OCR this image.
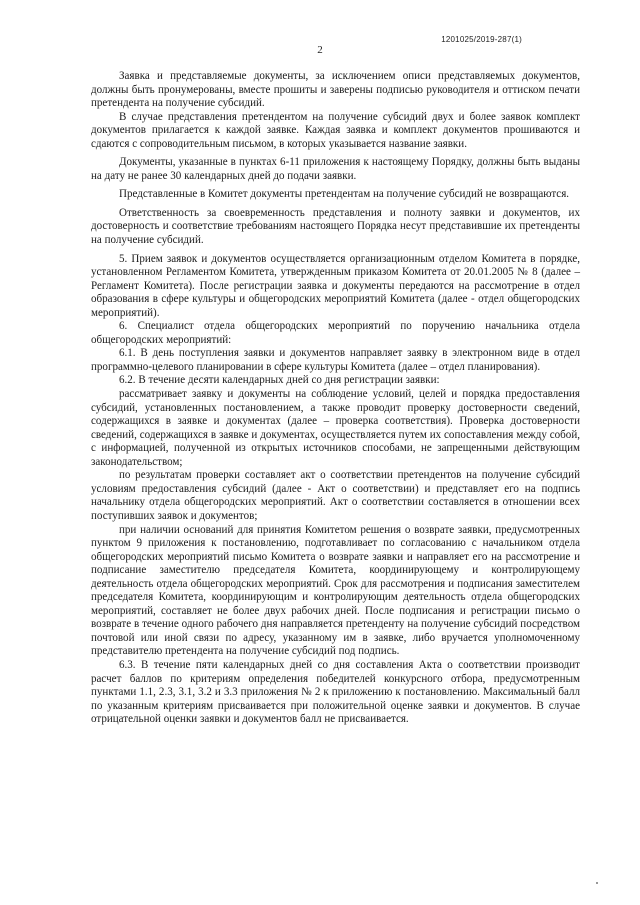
1201025/2019-287(1)
2

Заявка и представляемые документы, за исключением описи представляемых документов, должны быть пронумерованы, вместе прошиты и заверены подписью руководителя и оттиском печати претендента на получение субсидий.

В случае представления претендентом на получение субсидий двух и более заявок комплект документов прилагается к каждой заявке. Каждая заявка и комплект документов прошиваются и сдаются с сопроводительным письмом, в которых указывается название заявки.

Документы, указанные в пунктах 6-11 приложения к настоящему Порядку, должны быть выданы на дату не ранее 30 календарных дней до подачи заявки.

Представленные в Комитет документы претендентам на получение субсидий не возвращаются.

Ответственность за своевременность представления и полноту заявки и документов, их достоверность и соответствие требованиям настоящего Порядка несут представившие их претенденты на получение субсидий.

5. Прием заявок и документов осуществляется организационным отделом Комитета в порядке, установленном Регламентом Комитета, утвержденным приказом Комитета от 20.01.2005 № 8 (далее – Регламент Комитета). После регистрации заявка и документы передаются на рассмотрение в отдел образования в сфере культуры и общегородских мероприятий Комитета (далее - отдел общегородских мероприятий).

6. Специалист отдела общегородских мероприятий по поручению начальника отдела общегородских мероприятий:

6.1. В день поступления заявки и документов направляет заявку в электронном виде в отдел программно-целевого планировании в сфере культуры Комитета (далее – отдел планирования).

6.2. В течение десяти календарных дней со дня регистрации заявки:

рассматривает заявку и документы на соблюдение условий, целей и порядка предоставления субсидий, установленных постановлением, а также проводит проверку достоверности сведений, содержащихся в заявке и документах (далее – проверка соответствия). Проверка достоверности сведений, содержащихся в заявке и документах, осуществляется путем их сопоставления между собой, с информацией, полученной из открытых источников способами, не запрещенными действующим законодательством;

по результатам проверки составляет акт о соответствии претендентов на получение субсидий условиям предоставления субсидий (далее - Акт о соответствии) и представляет его на подпись начальнику отдела общегородских мероприятий. Акт о соответствии составляется в отношении всех поступивших заявок и документов;

при наличии оснований для принятия Комитетом решения о возврате заявки, предусмотренных пунктом 9 приложения к постановлению, подготавливает по согласованию с начальником отдела общегородских мероприятий письмо Комитета о возврате заявки и направляет его на рассмотрение и подписание заместителю председателя Комитета, координирующему и контролирующему деятельность отдела общегородских мероприятий. Срок для рассмотрения и подписания заместителем председателя Комитета, координирующим и контролирующим деятельность отдела общегородских мероприятий, составляет не более двух рабочих дней. После подписания и регистрации письмо о возврате в течение одного рабочего дня направляется претенденту на получение субсидий посредством почтовой или иной связи по адресу, указанному им в заявке, либо вручается уполномоченному представителю претендента на получение субсидий под подпись.

6.3. В течение пяти календарных дней со дня составления Акта о соответствии производит расчет баллов по критериям определения победителей конкурсного отбора, предусмотренным пунктами 1.1, 2.3, 3.1, 3.2 и 3.3 приложения № 2 к приложению к постановлению. Максимальный балл по указанным критериям присваивается при положительной оценке заявки и документов. В случае отрицательной оценки заявки и документов балл не присваивается.
